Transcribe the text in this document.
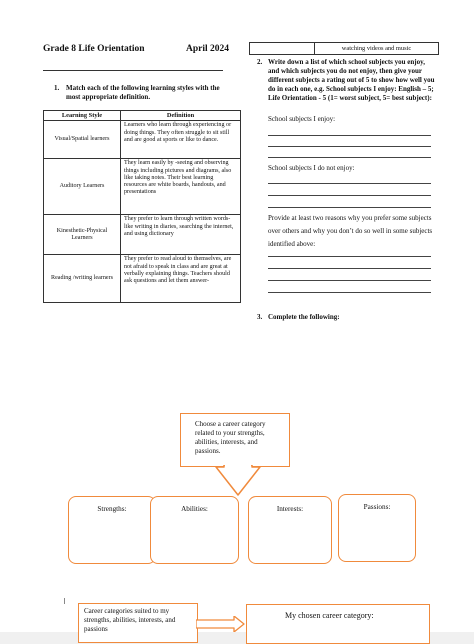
Grade 8 Life Orientation	April 2024
1. Match each of the following learning styles with the most appropriate definition.
Learning Style	Definition
Visual/Spatial learners	Learners who learn through experiencing or doing things. They often struggle to sit still and are good at sports or like to dance.
Auditory Learners	They learn easily by -seeing and observing things including pictures and diagrams, also like taking notes. Their best learning resources are white boards, handouts, and presentations
Kinesthetic-Physical Learners	They prefer to learn through written words-like writing in diaries, searching the internet, and using dictionary
Reading /writing learners	They prefer to read aloud to themselves, are not afraid to speak in class and are great at verbally explaining things. Teachers should ask questions and let them answer-
	watching videos and music
2. Write down a list of which school subjects you enjoy, and which subjects you do not enjoy, then give your different subjects a rating out of 5 to show how well you do in each one, e.g. School subjects I enjoy: English – 5; Life Orientation - 5 (1= worst subject, 5= best subject):
School subjects I enjoy:
School subjects I do not enjoy:
Provide at least two reasons why you prefer some subjects over others and why you don’t do so well in some subjects identified above:
3. Complete the following:
Choose a career category related to your strengths, abilities, interests, and passions.
Strengths:	Abilities:	Interests:	Passions:
Career categories suited to my strengths, abilities, interests, and passions
My chosen career category:
